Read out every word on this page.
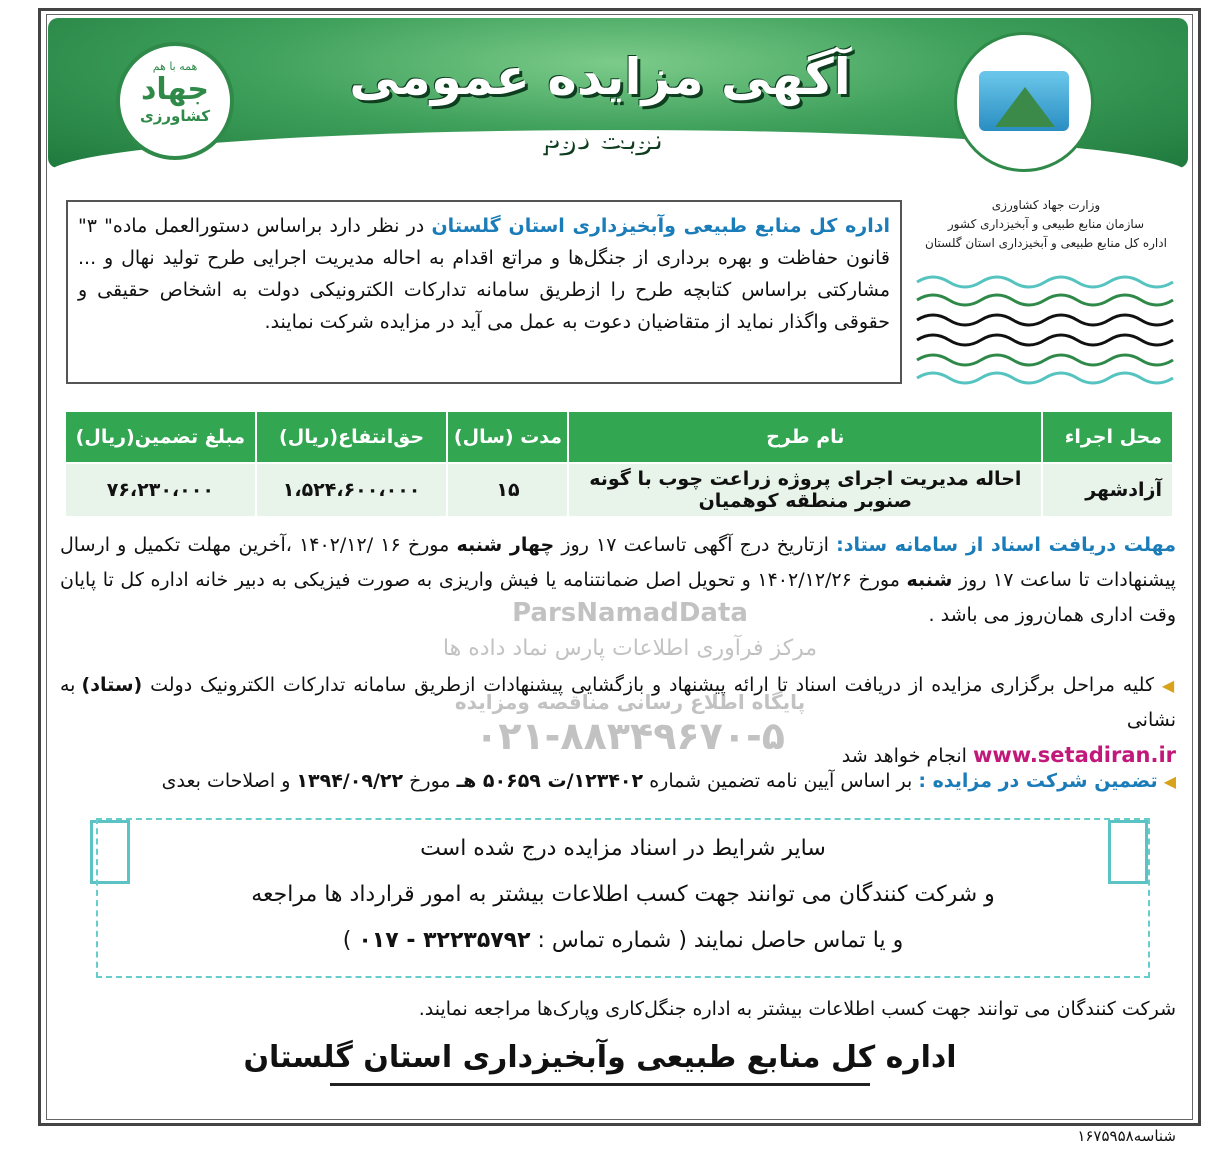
آگهی مزایده عمومی
نوبت دوم
همه با هم
جهاد
کشاورزی
وزارت جهاد کشاورزی
سازمان منابع طبیعی و آبخیزداری کشور
اداره کل منابع طبیعی و آبخیزداری استان گلستان
اداره کل منابع طبیعی وآبخیزداری استان گلستان در نظر دارد براساس دستورالعمل ماده" ۳" قانون حفاظت و بهره برداری از جنگل‌ها و مراتع اقدام به احاله مدیریت اجرایی طرح تولید نهال و ... مشارکتی براساس کتابچه طرح را ازطریق سامانه تدارکات الکترونیکی دولت به اشخاص حقیقی و حقوقی واگذار نماید از متقاضیان دعوت به عمل می آید در مزایده شرکت نمایند.
محل اجراء	نام طرح	مدت (سال)	حق‌انتفاع(ریال)	مبلغ تضمین(ریال)
آزادشهر	احاله مدیریت اجرای پروژه زراعت چوب با گونه صنوبر منطقه کوهمیان	۱۵	۱،۵۲۴،۶۰۰،۰۰۰	۷۶،۲۳۰،۰۰۰

ParsNamadData
مرکز فرآوری اطلاعات پارس نماد داده ها
مهلت دریافت اسناد از سامانه ستاد: ازتاریخ درج آگهی تاساعت ۱۷ روز چهار شنبه مورخ ۱۶ /۱۴۰۲/۱۲ ،آخرین مهلت تکمیل و ارسال پیشنهادات تا ساعت ۱۷ روز شنبه مورخ ۱۴۰۲/۱۲/۲۶ و تحویل اصل ضمانتنامه یا فیش واریزی به صورت فیزیکی به دبیر خانه اداره کل تا پایان وقت اداری همان‌روز می باشد .
◀ کلیه مراحل برگزاری مزایده از دریافت اسناد تا ارائه پیشنهاد و بازگشایی پیشنهادات ازطریق سامانه تدارکات الکترونیک دولت (ستاد) به نشانی
www.setadiran.ir انجام خواهد شد
پایگاه اطلاع رسانی مناقصه ومزایده
۰۲۱-۸۸۳۴۹۶۷۰-۵
◀ تضمین شرکت در مزایده : بر اساس آیین نامه تضمین شماره ۱۲۳۴۰۲/ت ۵۰۶۵۹ هـ مورخ ۱۳۹۴/۰۹/۲۲ و اصلاحات بعدی
سایر شرایط در اسناد مزایده درج شده است
و شرکت کنندگان می توانند جهت کسب اطلاعات بیشتر به امور قرارداد ها مراجعه
و یا تماس حاصل نمایند ( شماره تماس : ۳۲۲۳۵۷۹۲ - ۰۱۷ )
شرکت کنندگان می توانند جهت کسب اطلاعات بیشتر به اداره جنگل‌کاری وپارک‌ها مراجعه نمایند.
اداره کل منابع طبیعی وآبخیزداری استان گلستان
شناسه۱۶۷۵۹۵۸
